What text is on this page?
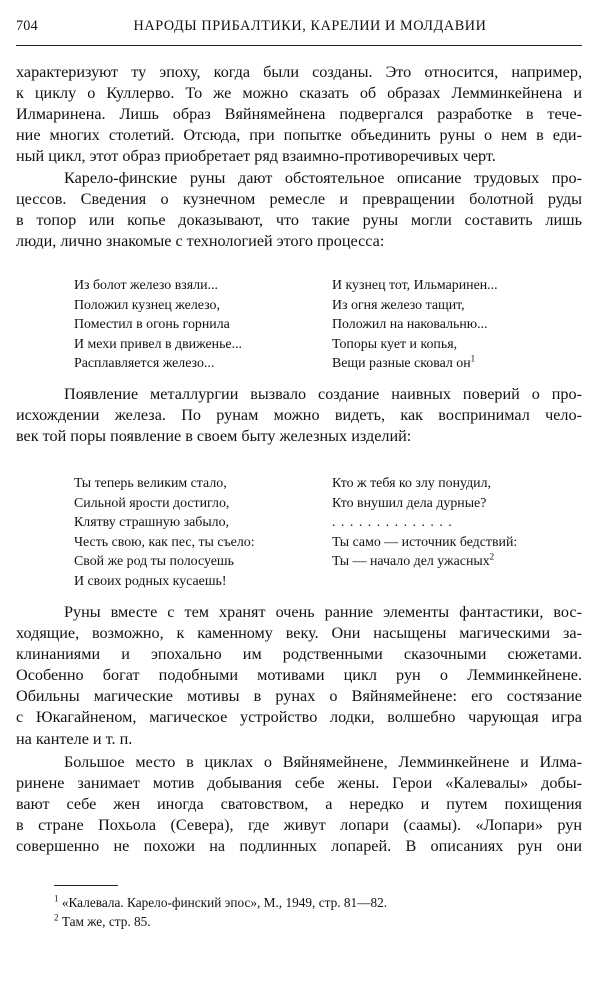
704	НАРОДЫ ПРИБАЛТИКИ, КАРЕЛИИ И МОЛДАВИИ
характеризуют ту эпоху, когда были созданы. Это относится, например,
к циклу о Куллерво. То же можно сказать об образах Лемминкейнена и
Илмаринена. Лишь образ Вяйнямейнена подвергался разработке в тече-
ние многих столетий. Отсюда, при попытке объединить руны о нем в еди-
ный цикл, этот образ приобретает ряд взаимно-противоречивых черт.
Карело-финские руны дают обстоятельное описание трудовых про-
цессов. Сведения о кузнечном ремесле и превращении болотной руды
в топор или копье доказывают, что такие руны могли составить лишь
люди, лично знакомые с технологией этого процесса:
Из болот железо взяли...
Положил кузнец железо,
Поместил в огонь горнила
И мехи привел в движенье...
Расплавляется железо...
И кузнец тот, Ильмаринен...
Из огня железо тащит,
Положил на наковальню...
Топоры кует и копья,
Вещи разные сковал $он^1$
Появление металлургии вызвало создание наивных поверий о про-
исхождении железа. По рунам можно видеть, как воспринимал чело-
век той поры появление в своем быту железных изделий:
Ты теперь великим стало,
Сильной ярости достигло,
Клятву страшную забыло,
Честь свою, как пес, ты съело:
Свой же род ты полосуешь
И своих родных кусаешь!
Кто ж тебя ко злу понудил,
Кто внушил дела дурные?
. . . . . . . . . . . . . .
Ты само — источник бедствий:
Ты — начало дел ужасных$^2$
Руны вместе с тем хранят очень ранние элементы фантастики, вос-
ходящие, возможно, к каменному веку. Они насыщены магическими за-
клинаниями и эпохально им родственными сказочными сюжетами.
Особенно богат подобными мотивами цикл рун о Лемминкейнене.
Обильны магические мотивы в рунах о Вяйнямейнене: его состязание
с Юкагайненом, магическое устройство лодки, волшебно чарующая игра
на кантеле и т. п.
Большое место в циклах о Вяйнямейнене, Лемминкейнене и Илма-
ринене занимает мотив добывания себе жены. Герои «Калевалы» добы-
вают себе жен иногда сватовством, а нередко и путем похищения
в стране Похьола (Севера), где живут лопари (саамы). «Лопари» рун
совершенно не похожи на подлинных лопарей. В описаниях рун они
$^1$ «Калевала. Карело-финский эпос», М., 1949, стр. 81—82.
$^2$ Там же, стр. 85.
